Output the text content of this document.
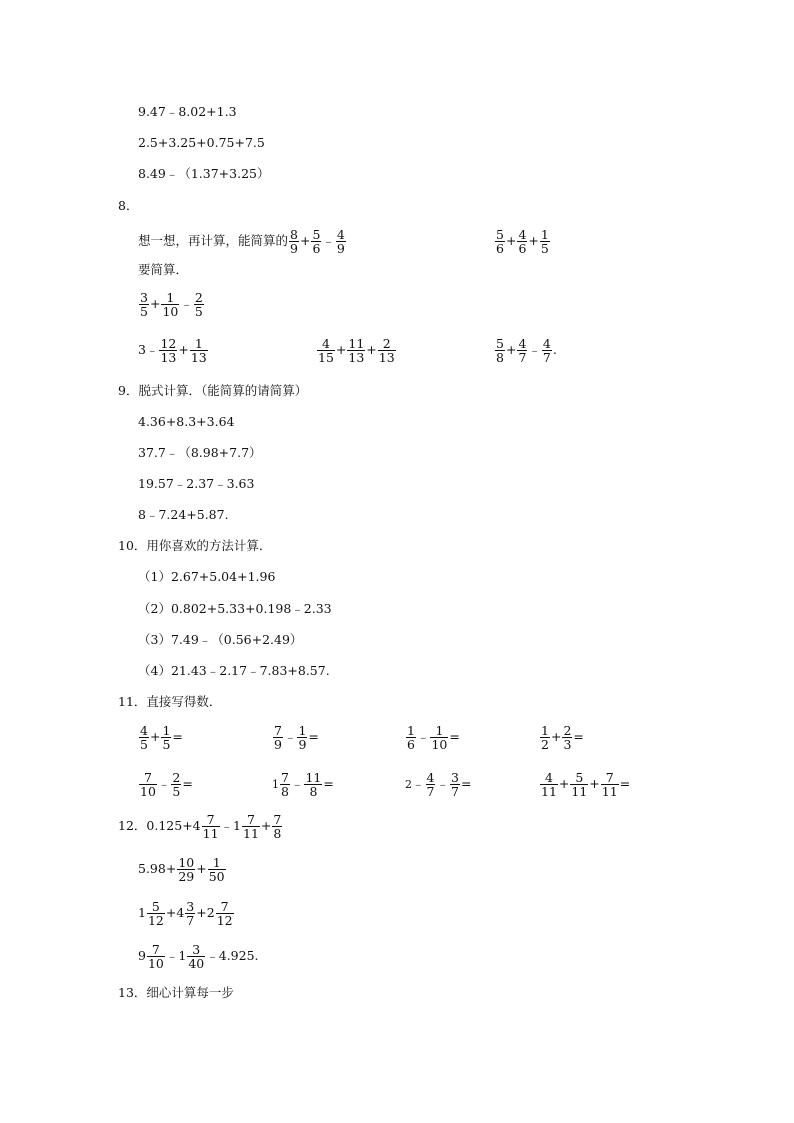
9.47﹣8.02+1.3
2.5+3.25+0.75+7.5
8.49﹣（1.37+3.25）
8．
想一想，再计算，能简算的 $\frac{8}{9} + \frac{5}{6}$ ﹣ $\frac{4}{9}$	$\frac{5}{6} + \frac{4}{6} + \frac{1}{5}$
要简算．
$\frac{3}{5} + \frac{1}{10}$ ﹣ $\frac{2}{5}$
3﹣ $\frac{12}{13} + \frac{1}{13}$	$\frac{4}{15} + \frac{11}{13} + \frac{2}{13}$	$\frac{5}{8} + \frac{4}{7}$ ﹣ $\frac{4}{7}$ .
9．脱式计算．（能简算的请简算）
4.36+8.3+3.64
37.7﹣（8.98+7.7）
19.57﹣2.37﹣3.63
8﹣7.24+5.87.
10．用你喜欢的方法计算．
（1）2.67+5.04+1.96
（2）0.802+5.33+0.198﹣2.33
（3）7.49﹣（0.56+2.49）
（4）21.43﹣2.17﹣7.83+8.57.
11．直接写得数．
$\frac{4}{5} + \frac{1}{5}$ =	$\frac{7}{9}$ ﹣ $\frac{1}{9}$ =	$\frac{1}{6}$ ﹣ $\frac{1}{10}$ =	$\frac{1}{2} + \frac{2}{3}$ =
$\frac{7}{10}$ ﹣ $\frac{2}{5}$ =	$1 \frac{7}{8}$ ﹣ $\frac{11}{8}$ =	2﹣ $\frac{4}{7}$ ﹣ $\frac{3}{7}$ =	$\frac{4}{11} + \frac{5}{11} + \frac{7}{11}$ =
12．$0.125+4 \frac{7}{11}$ ﹣1 $\frac{7}{11} + \frac{7}{8}$
$5.98+ \frac{10}{29} + \frac{1}{50}$
$1 \frac{5}{12} +4 \frac{3}{7} +2 \frac{7}{12}$
$9 \frac{7}{10}$ ﹣1 $\frac{3}{40}$ ﹣4.925.
13．细心计算每一步
